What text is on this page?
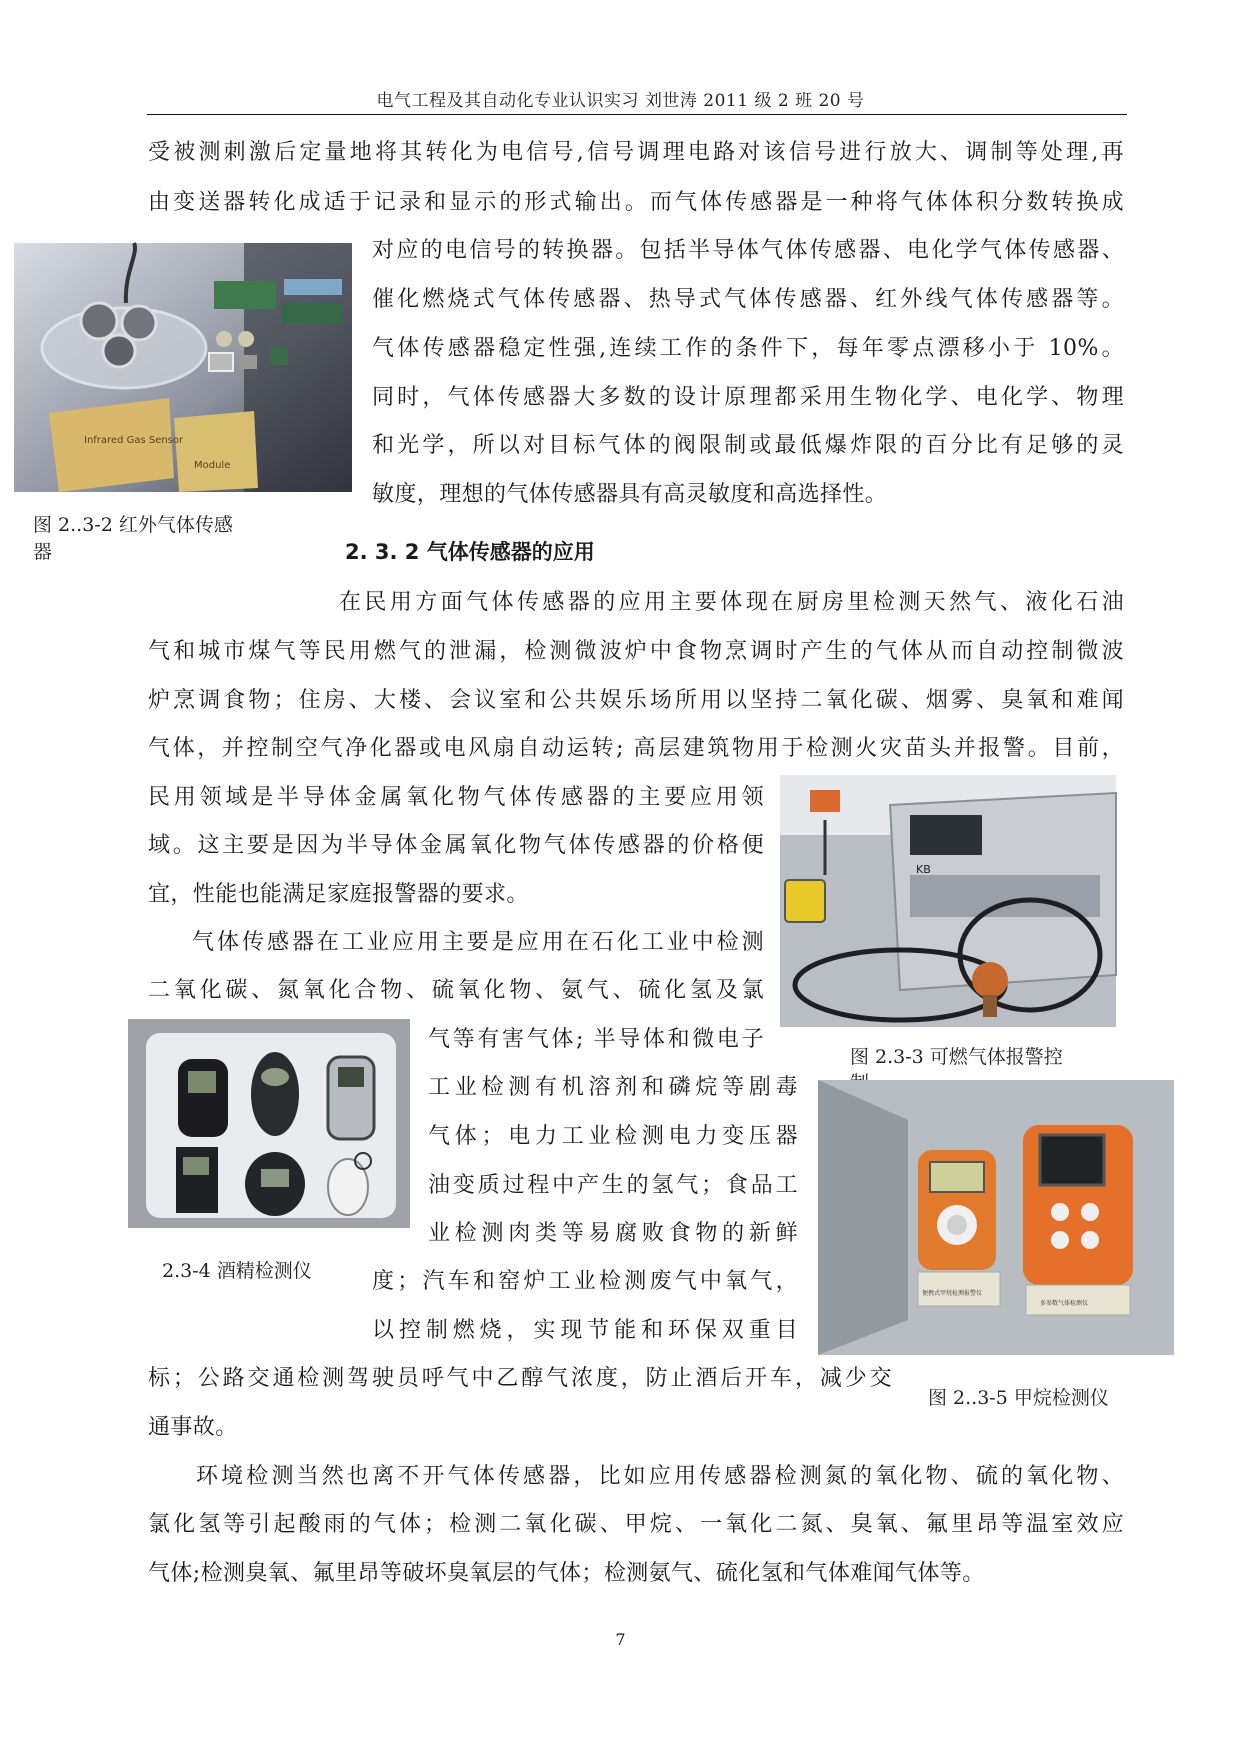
电气工程及其自动化专业认识实习 刘世涛 2011 级 2 班 20 号
受被测刺激后定量地将其转化为电信号,信号调理电路对该信号进行放大、调制等处理,再
由变送器转化成适于记录和显示的形式输出。而气体传感器是一种将气体体积分数转换成
对应的电信号的转换器。包括半导体气体传感器、电化学气体传感器、
催化燃烧式气体传感器、热导式气体传感器、红外线气体传感器等。
气体传感器稳定性强,连续工作的条件下，每年零点漂移小于 10%。
同时，气体传感器大多数的设计原理都采用生物化学、电化学、物理
和光学，所以对目标气体的阀限制或最低爆炸限的百分比有足够的灵
敏度，理想的气体传感器具有高灵敏度和高选择性。
Infrared Gas Sensor
Module
图 2..3-2 红外气体传感
器	2. 3. 2 气体传感器的应用
在民用方面气体传感器的应用主要体现在厨房里检测天然气、液化石油
气和城市煤气等民用燃气的泄漏，检测微波炉中食物烹调时产生的气体从而自动控制微波
炉烹调食物；住房、大楼、会议室和公共娱乐场所用以坚持二氧化碳、烟雾、臭氧和难闻
气体，并控制空气净化器或电风扇自动运转; 高层建筑物用于检测火灾苗头并报警。目前，
民用领域是半导体金属氧化物气体传感器的主要应用领
域。这主要是因为半导体金属氧化物气体传感器的价格便
宜，性能也能满足家庭报警器的要求。
KB
图 2.3-3 可燃气体报警控
气体传感器在工业应用主要是应用在石化工业中检测
二氧化碳、氮氧化合物、硫氧化物、氨气、硫化氢及氯
气等有害气体; 半导体和微电子
工业检测有机溶剂和磷烷等剧毒
气体；电力工业检测电力变压器
油变质过程中产生的氢气；食品工
业检测肉类等易腐败食物的新鲜
度；汽车和窑炉工业检测废气中氧气，
以控制燃烧，实现节能和环保双重目
标；公路交通检测驾驶员呼气中乙醇气浓度，防止酒后开车，减少交
通事故。
2.3-4 酒精检测仪
便携式甲烷检测报警仪
多参数气体检测仪
图 2..3-5 甲烷检测仪
环境检测当然也离不开气体传感器，比如应用传感器检测氮的氧化物、硫的氧化物、
氯化氢等引起酸雨的气体；检测二氧化碳、甲烷、一氧化二氮、臭氧、氟里昂等温室效应
气体;检测臭氧、氟里昂等破坏臭氧层的气体；检测氨气、硫化氢和气体难闻气体等。
7
